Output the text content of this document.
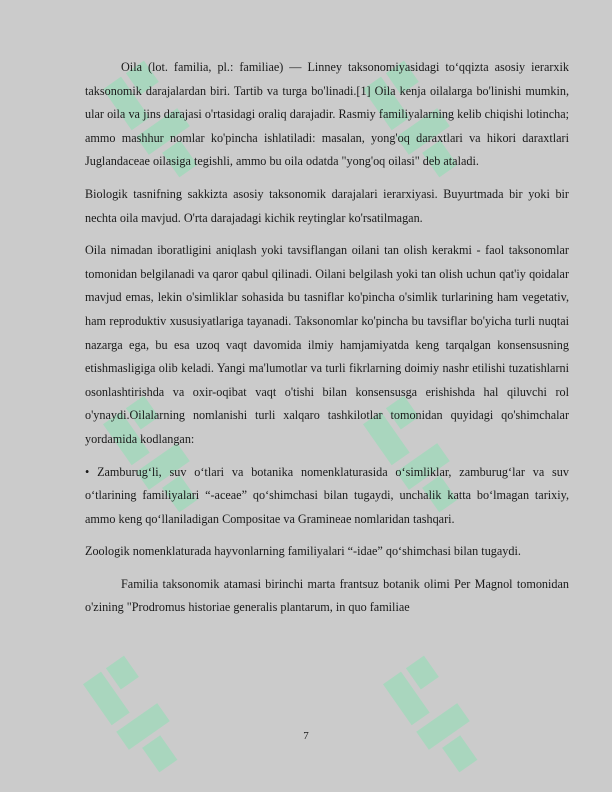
Oila (lot. familia, pl.: familiae) — Linney taksonomiyasidagi to‘qqizta asosiy ierarxik taksonomik darajalardan biri. Tartib va turga bo'linadi.[1] Oila kenja oilalarga bo'linishi mumkin, ular oila va jins darajasi o'rtasidagi oraliq darajadir. Rasmiy familiyalarning kelib chiqishi lotincha; ammo mashhur nomlar ko'pincha ishlatiladi: masalan, yong'oq daraxtlari va hikori daraxtlari Juglandaceae oilasiga tegishli, ammo bu oila odatda "yong'oq oilasi" deb ataladi.

Biologik tasnifning sakkizta asosiy taksonomik darajalari ierarxiyasi. Buyurtmada bir yoki bir nechta oila mavjud. O'rta darajadagi kichik reytinglar ko'rsatilmagan.

Oila nimadan iboratligini aniqlash yoki tavsiflangan oilani tan olish kerakmi - faol taksonomlar tomonidan belgilanadi va qaror qabul qilinadi. Oilani belgilash yoki tan olish uchun qat'iy qoidalar mavjud emas, lekin o'simliklar sohasida bu tasniflar ko'pincha o'simlik turlarining ham vegetativ, ham reproduktiv xususiyatlariga tayanadi. Taksonomlar ko'pincha bu tavsiflar bo'yicha turli nuqtai nazarga ega, bu esa uzoq vaqt davomida ilmiy hamjamiyatda keng tarqalgan konsensusning etishmasligiga olib keladi. Yangi ma'lumotlar va turli fikrlarning doimiy nashr etilishi tuzatishlarni osonlashtirishda va oxir-oqibat vaqt o'tishi bilan konsensusga erishishda hal qiluvchi rol o'ynaydi.Oilalarning nomlanishi turli xalqaro tashkilotlar tomonidan quyidagi qo'shimchalar yordamida kodlangan:

• Zamburug‘li, suv o‘tlari va botanika nomenklaturasida o‘simliklar, zamburug‘lar va suv o‘tlarining familiyalari “-aceae” qo‘shimchasi bilan tugaydi, unchalik katta bo‘lmagan tarixiy, ammo keng qo‘llaniladigan Compositae va Gramineae nomlaridan tashqari.

Zoologik nomenklaturada hayvonlarning familiyalari “-idae” qo‘shimchasi bilan tugaydi.

Familia taksonomik atamasi birinchi marta frantsuz botanik olimi Per Magnol tomonidan o'zining "Prodromus historiae generalis plantarum, in quo familiae

7
